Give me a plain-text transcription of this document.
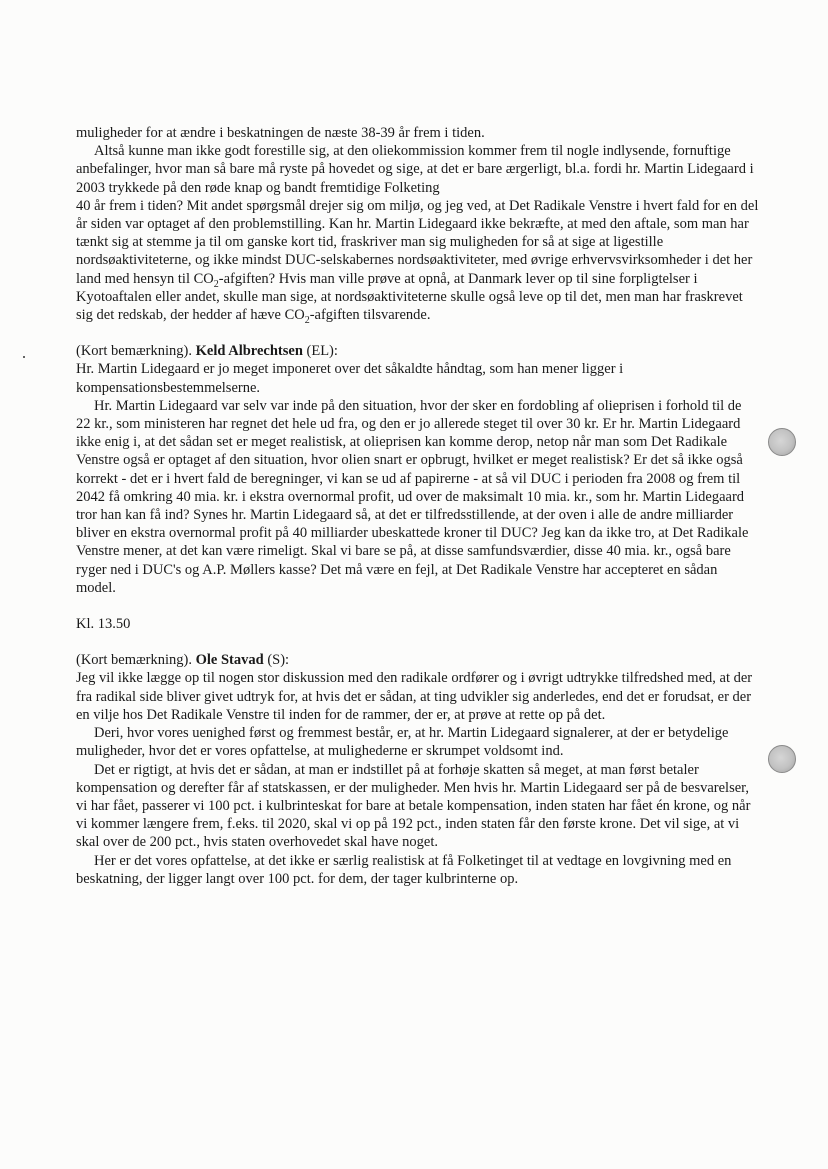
muligheder for at ændre i beskatningen de næste 38-39 år frem i tiden.

Altså kunne man ikke godt forestille sig, at den oliekommission kommer frem til nogle indlysende, fornuftige anbefalinger, hvor man så bare må ryste på hovedet og sige, at det er bare ærgerligt, bl.a. fordi hr. Martin Lidegaard i 2003 trykkede på den røde knap og bandt fremtidige Folketing

40 år frem i tiden? Mit andet spørgsmål drejer sig om miljø, og jeg ved, at Det Radikale Venstre i hvert fald for en del år siden var optaget af den problemstilling. Kan hr. Martin Lidegaard ikke bekræfte, at med den aftale, som man har tænkt sig at stemme ja til om ganske kort tid, fraskriver man sig muligheden for så at sige at ligestille nordsøaktiviteterne, og ikke mindst DUC-selskabernes nordsøaktiviteter, med øvrige erhvervsvirksomheder i det her land med hensyn til $CO_2$-afgiften? Hvis man ville prøve at opnå, at Danmark lever op til sine forpligtelser i Kyotoaftalen eller andet, skulle man sige, at nordsøaktiviteterne skulle også leve op til det, men man har fraskrevet sig det redskab, der hedder af hæve $CO_2$-afgiften tilsvarende.

(Kort bemærkning). Keld Albrechtsen (EL):

Hr. Martin Lidegaard er jo meget imponeret over det såkaldte håndtag, som han mener ligger i kompensationsbestemmelserne.

Hr. Martin Lidegaard var selv var inde på den situation, hvor der sker en fordobling af olieprisen i forhold til de

22 kr., som ministeren har regnet det hele ud fra, og den er jo allerede steget til over 30 kr. Er hr. Martin Lidegaard ikke enig i, at det sådan set er meget realistisk, at olieprisen kan komme derop, netop når man som Det Radikale Venstre også er optaget af den situation, hvor olien snart er opbrugt, hvilket er meget realistisk? Er det så ikke også korrekt - det er i hvert fald de beregninger, vi kan se ud af papirerne - at så vil DUC i perioden fra 2008 og frem til 2042 få omkring 40 mia. kr. i ekstra overnormal profit, ud over de maksimalt 10 mia. kr., som hr. Martin Lidegaard tror han kan få ind? Synes hr. Martin Lidegaard så, at det er tilfredsstillende, at der oven i alle de andre milliarder bliver en ekstra overnormal profit på 40 milliarder ubeskattede kroner til DUC? Jeg kan da ikke tro, at Det Radikale Venstre mener, at det kan være rimeligt. Skal vi bare se på, at disse samfundsværdier, disse 40 mia. kr., også bare ryger ned i DUC's og A.P. Møllers kasse? Det må være en fejl, at Det Radikale Venstre har accepteret en sådan model.

Kl. 13.50

(Kort bemærkning). Ole Stavad (S):

Jeg vil ikke lægge op til nogen stor diskussion med den radikale ordfører og i øvrigt udtrykke tilfredshed med, at der fra radikal side bliver givet udtryk for, at hvis det er sådan, at ting udvikler sig anderledes, end det er forudsat, er der en vilje hos Det Radikale Venstre til inden for de rammer, der er, at prøve at rette op på det.

Deri, hvor vores uenighed først og fremmest består, er, at hr. Martin Lidegaard signalerer, at der er betydelige muligheder, hvor det er vores opfattelse, at mulighederne er skrumpet voldsomt ind.

Det er rigtigt, at hvis det er sådan, at man er indstillet på at forhøje skatten så meget, at man først betaler kompensation og derefter får af statskassen, er der muligheder. Men hvis hr. Martin Lidegaard ser på de besvarelser, vi har fået, passerer vi 100 pct. i kulbrinteskat for bare at betale kompensation, inden staten har fået én krone, og når vi kommer længere frem, f.eks. til 2020, skal vi op på 192 pct., inden staten får den første krone. Det vil sige, at vi skal over de 200 pct., hvis staten overhovedet skal have noget.

Her er det vores opfattelse, at det ikke er særlig realistisk at få Folketinget til at vedtage en lovgivning med en beskatning, der ligger langt over 100 pct. for dem, der tager kulbrinterne op.
